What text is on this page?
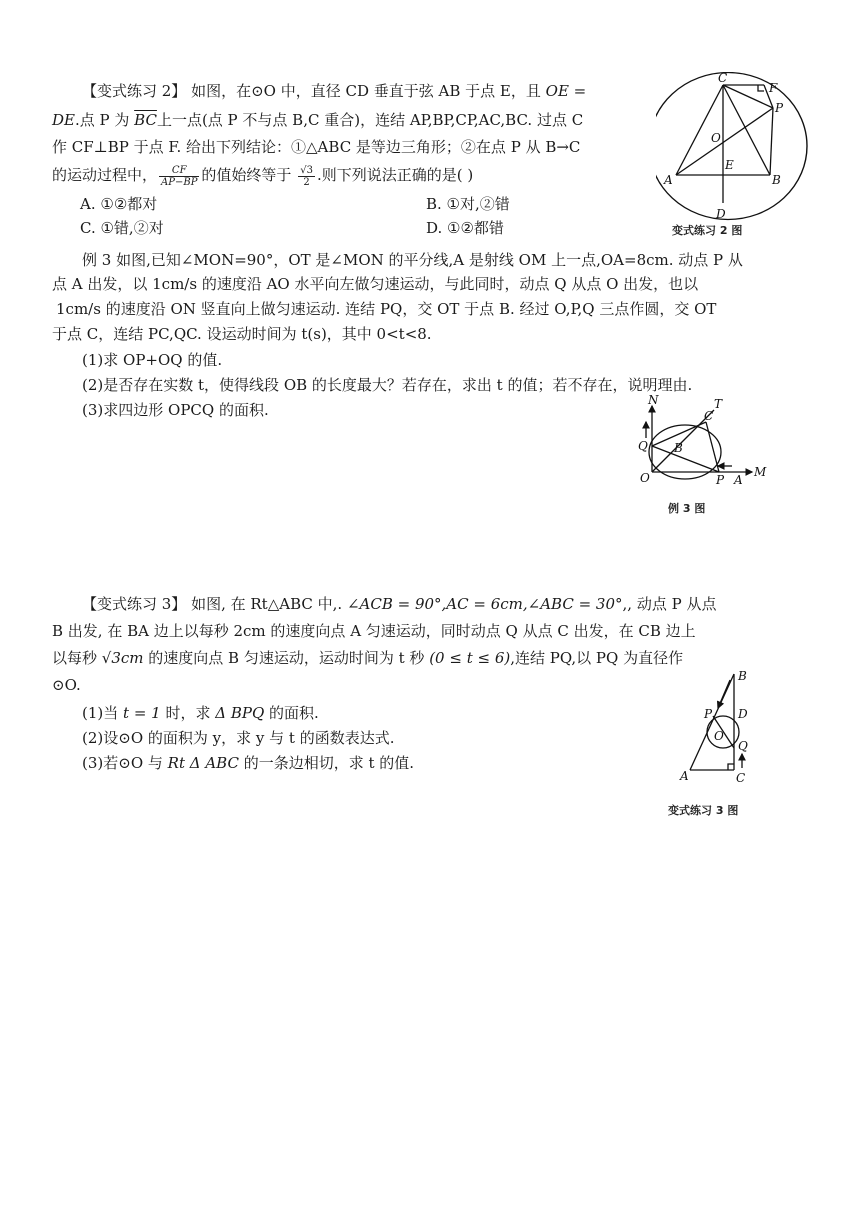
【变式练习 2】 如图，在⊙O 中，直径 CD 垂直于弦 AB 于点 E，且 OE =
DE.点 P 为 $\overline{BC}$上一点(点 P 不与点 B,C 重合)，连结 AP,BP,CP,AC,BC. 过点 C
作 CF⊥BP 于点 F. 给出下列结论：①△ABC 是等边三角形；②在点 P 从 B→C
的运动过程中， $\frac{CF}{AP-BP}$ 的值始终等于 $\frac{√3}{2}$ .则下列说法正确的是( )
A. ①②都对	B. ①对,②错
C. ①错,②对	D. ①②都错
C
F
P
O
E
A	B
D
变式练习 2 图
例 3 如图,已知∠MON=90°，OT 是∠MON 的平分线,A 是射线 OM 上一点,OA=8cm. 动点 P 从
点 A 出发，以 1cm/s 的速度沿 AO 水平向左做匀速运动，与此同时，动点 Q 从点 O 出发，也以
1cm/s 的速度沿 ON 竖直向上做匀速运动. 连结 PQ，交 OT 于点 B. 经过 O,P,Q 三点作圆，交 OT
于点 C，连结 PC,QC. 设运动时间为 t(s)，其中 0<t<8.
(1)求 OP+OQ 的值.
(2)是否存在实数 t，使得线段 OB 的长度最大？若存在，求出 t 的值；若不存在，说明理由.
(3)求四边形 OPCQ 的面积.
N	T
C
Q B
O	P A
M
例 3 图
【变式练习 3】 如图, 在 Rt△ABC 中,. ∠ACB = 90°,AC = 6cm,∠ABC = 30°,, 动点 P 从点
B 出发, 在 BA 边上以每秒 2cm 的速度向点 A 匀速运动，同时动点 Q 从点 C 出发，在 CB 边上
以每秒 √3cm 的速度向点 B 匀速运动，运动时间为 t 秒 (0 ≤ t ≤ 6),连结 PQ,以 PQ 为直径作
⊙O.
(1)当 t = 1 时，求 Δ BPQ 的面积.
(2)设⊙O 的面积为 y，求 y 与 t 的函数表达式.
(3)若⊙O 与 Rt Δ ABC 的一条边相切，求 t 的值.
B
P D
O
Q
A	C
变式练习 3 图
